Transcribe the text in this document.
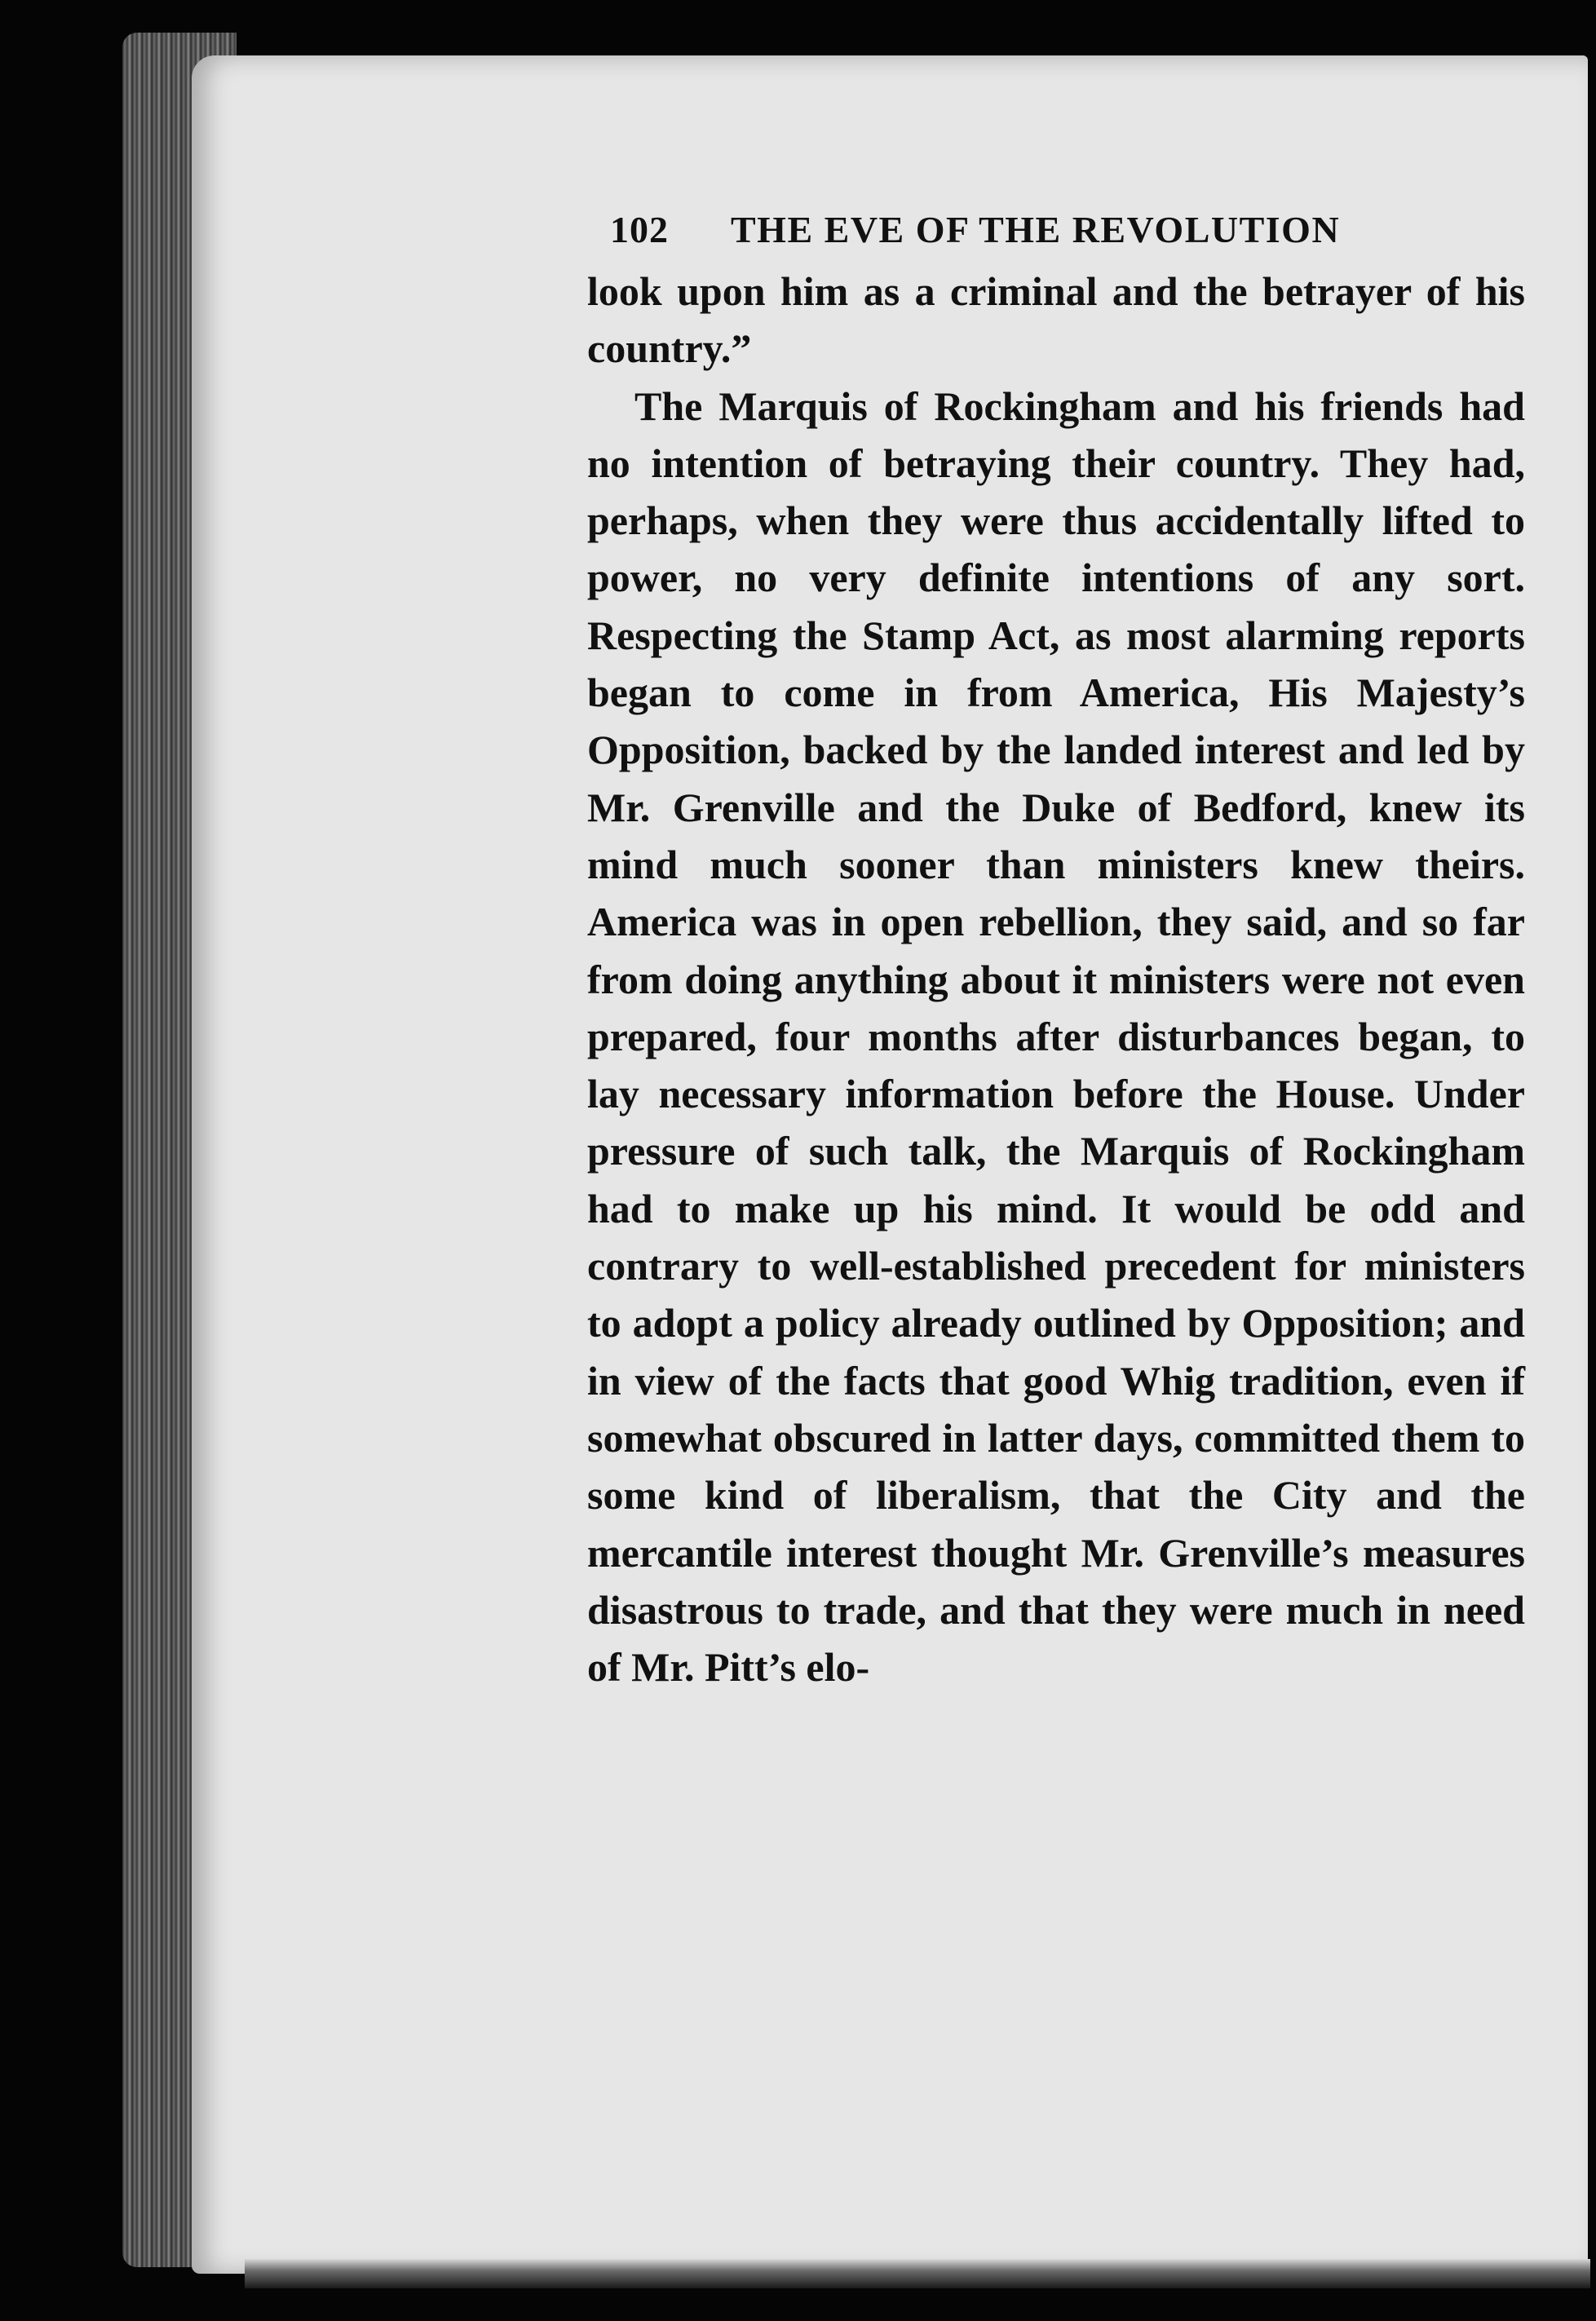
102	THE EVE OF THE REVOLUTION

look upon him as a criminal and the betrayer of his country.”

The Marquis of Rockingham and his friends had no intention of betraying their country. They had, perhaps, when they were thus accidentally lifted to power, no very definite intentions of any sort. Respecting the Stamp Act, as most alarming reports began to come in from America, His Majesty’s Opposition, backed by the landed interest and led by Mr. Grenville and the Duke of Bedford, knew its mind much sooner than ministers knew theirs. America was in open rebellion, they said, and so far from doing anything about it ministers were not even prepared, four months after disturbances began, to lay necessary information before the House. Under pressure of such talk, the Marquis of Rockingham had to make up his mind. It would be odd and contrary to well-established precedent for ministers to adopt a policy already outlined by Opposition; and in view of the facts that good Whig tradition, even if somewhat obscured in latter days, committed them to some kind of liberalism, that the City and the mercantile interest thought Mr. Grenville’s measures disastrous to trade, and that they were much in need of Mr. Pitt’s elo-
